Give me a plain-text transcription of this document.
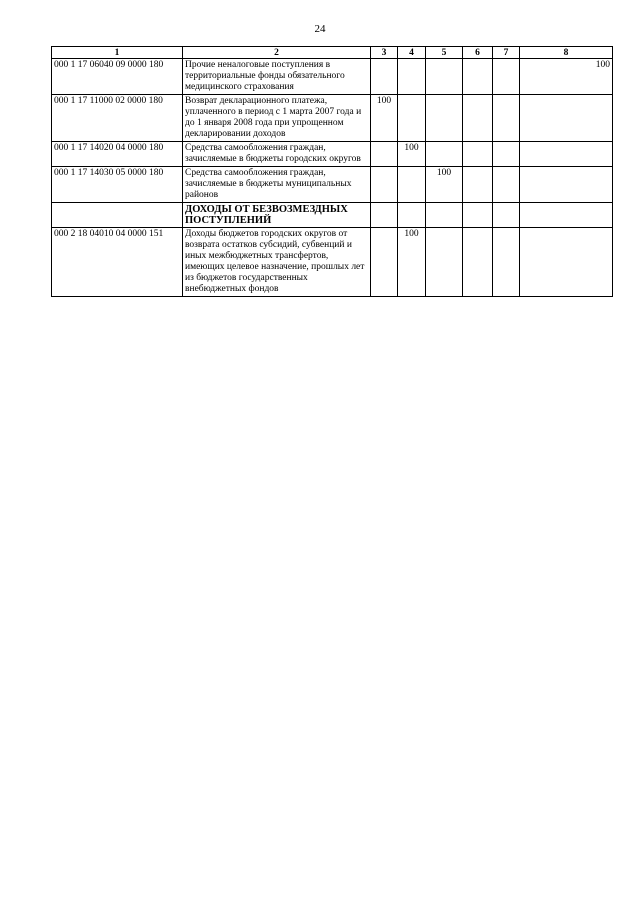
24
1	2	3	4	5	6	7	8
000 1 17 06040 09 0000 180	Прочие неналоговые поступления в территориальные фонды обязательного медицинского страхования						100
000 1 17 11000 02 0000 180	Возврат декларационного платежа, уплаченного в период с 1 марта 2007 года и до 1 января 2008 года при упрощенном декларировании доходов	100					
000 1 17 14020 04 0000 180	Средства самообложения граждан, зачисляемые в бюджеты городских округов		100				
000 1 17 14030 05 0000 180	Средства самообложения граждан, зачисляемые в бюджеты муниципальных районов			100			
	ДОХОДЫ ОТ БЕЗВОЗМЕЗДНЫХ ПОСТУПЛЕНИЙ						
000 2 18 04010 04 0000 151	Доходы бюджетов городских округов от возврата остатков субсидий, субвенций и иных межбюджетных трансфертов, имеющих целевое назначение, прошлых лет из бюджетов государственных внебюджетных фондов		100				
